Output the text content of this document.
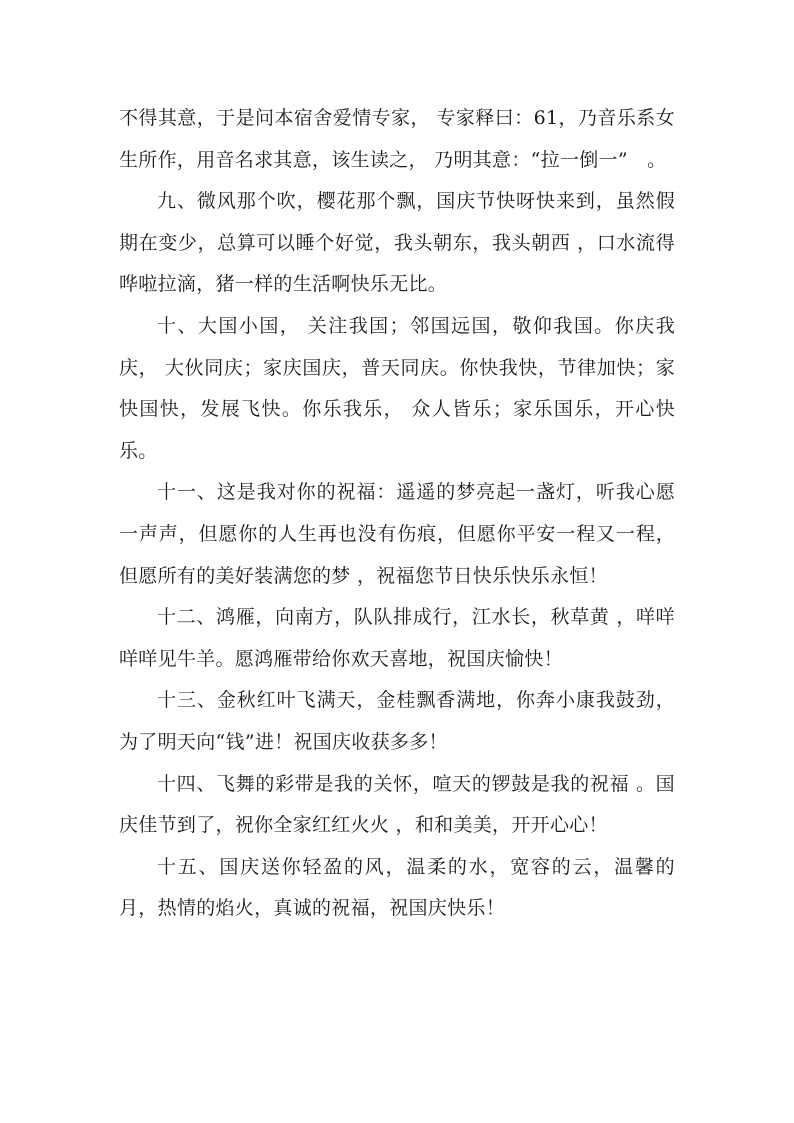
不得其意，于是问本宿舍爱情专家， 专家释曰：61，乃音乐系女生所作，用音名求其意，该生读之， 乃明其意：“拉一倒一”　。

九、微风那个吹，樱花那个飘，国庆节快呀快来到，虽然假期在变少，总算可以睡个好觉，我头朝东，我头朝西 ，口水流得哗啦拉滴，猪一样的生活啊快乐无比。

十、大国小国， 关注我国；邻国远国，敬仰我国。你庆我庆， 大伙同庆；家庆国庆，普天同庆。你快我快，节律加快；家快国快，发展飞快。你乐我乐， 众人皆乐；家乐国乐，开心快乐。

十一、这是我对你的祝福：遥遥的梦亮起一盏灯，听我心愿一声声，但愿你的人生再也没有伤痕，但愿你平安一程又一程，但愿所有的美好装满您的梦 ，祝福您节日快乐快乐永恒！

十二、鸿雁，向南方，队队排成行，江水长，秋草黄 ，咩咩咩咩见牛羊。愿鸿雁带给你欢天喜地，祝国庆愉快！

十三、金秋红叶飞满天，金桂飘香满地，你奔小康我鼓劲，为了明天向“钱”进！祝国庆收获多多！

十四、飞舞的彩带是我的关怀，喧天的锣鼓是我的祝福 。国庆佳节到了，祝你全家红红火火 ，和和美美，开开心心！

十五、国庆送你轻盈的风，温柔的水，宽容的云，温馨的月，热情的焰火，真诚的祝福，祝国庆快乐！
